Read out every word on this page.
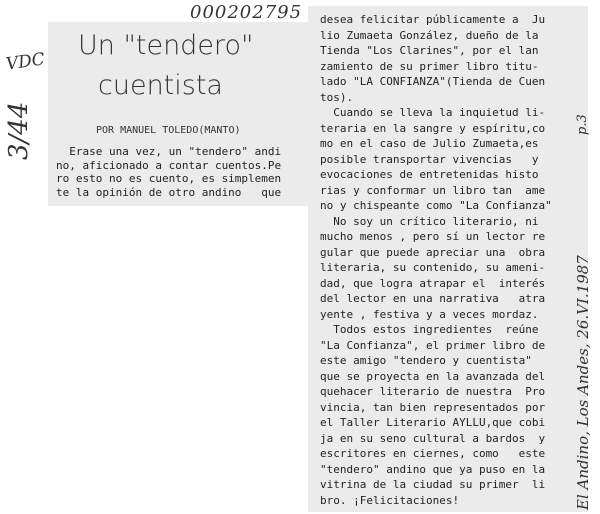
000202795
VDC
3/44	p.3
El Andino, Los Andes, 26.VI.1987
Un "tendero"
cuentista
POR MANUEL TOLEDO(MANTO)
Erase una vez, un "tendero" andi
no, aficionado a contar cuentos.Pe
ro esto no es cuento, es simplemen
te la opinión de otro andino   que
desea felicitar públicamente a  Ju
lio Zumaeta González, dueño de la
Tienda "Los Clarines", por el lan
zamiento de su primer libro titu-
lado "LA CONFIANZA"(Tienda de Cuen
tos).
Cuando se lleva la inquietud li-
teraria en la sangre y espíritu,co
mo en el caso de Julio Zumaeta,es
posible transportar vivencias   y
evocaciones de entretenidas histo
rias y conformar un libro tan  ame
no y chispeante como "La Confianza"
No soy un crítico literario, ni
mucho menos , pero sí un lector re
gular que puede apreciar una  obra
literaria, su contenido, su ameni-
dad, que logra atrapar el  interés
del lector en una narrativa   atra
yente , festiva y a veces mordaz.
Todos estos ingredientes  reúne
"La Confianza", el primer libro de
este amigo "tendero y cuentista"
que se proyecta en la avanzada del
quehacer literario de nuestra  Pro
vincia, tan bien representados por
el Taller Literario AYLLU,que cobi
ja en su seno cultural a bardos  y
escritores en ciernes, como   este
"tendero" andino que ya puso en la
vitrina de la ciudad su primer  li
bro. ¡Felicitaciones!
